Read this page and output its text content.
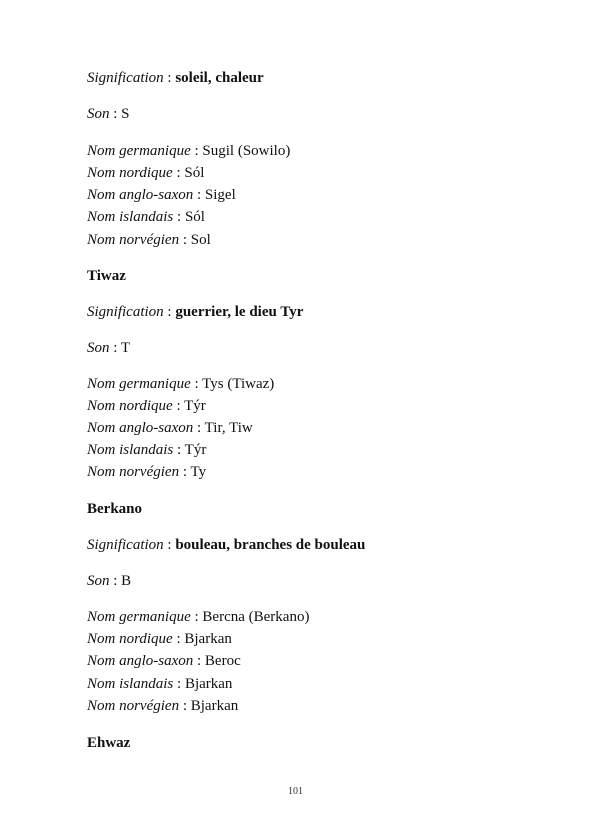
Signification : soleil, chaleur
Son : S
Nom germanique : Sugil (Sowilo)
Nom nordique : Sól
Nom anglo-saxon : Sigel
Nom islandais : Sól
Nom norvégien : Sol
Tiwaz
Signification : guerrier, le dieu Tyr
Son : T
Nom germanique : Tys (Tiwaz)
Nom nordique : Týr
Nom anglo-saxon : Tir, Tiw
Nom islandais : Týr
Nom norvégien : Ty
Berkano
Signification : bouleau, branches de bouleau
Son : B
Nom germanique : Bercna (Berkano)
Nom nordique : Bjarkan
Nom anglo-saxon : Beroc
Nom islandais : Bjarkan
Nom norvégien : Bjarkan
Ehwaz
101
